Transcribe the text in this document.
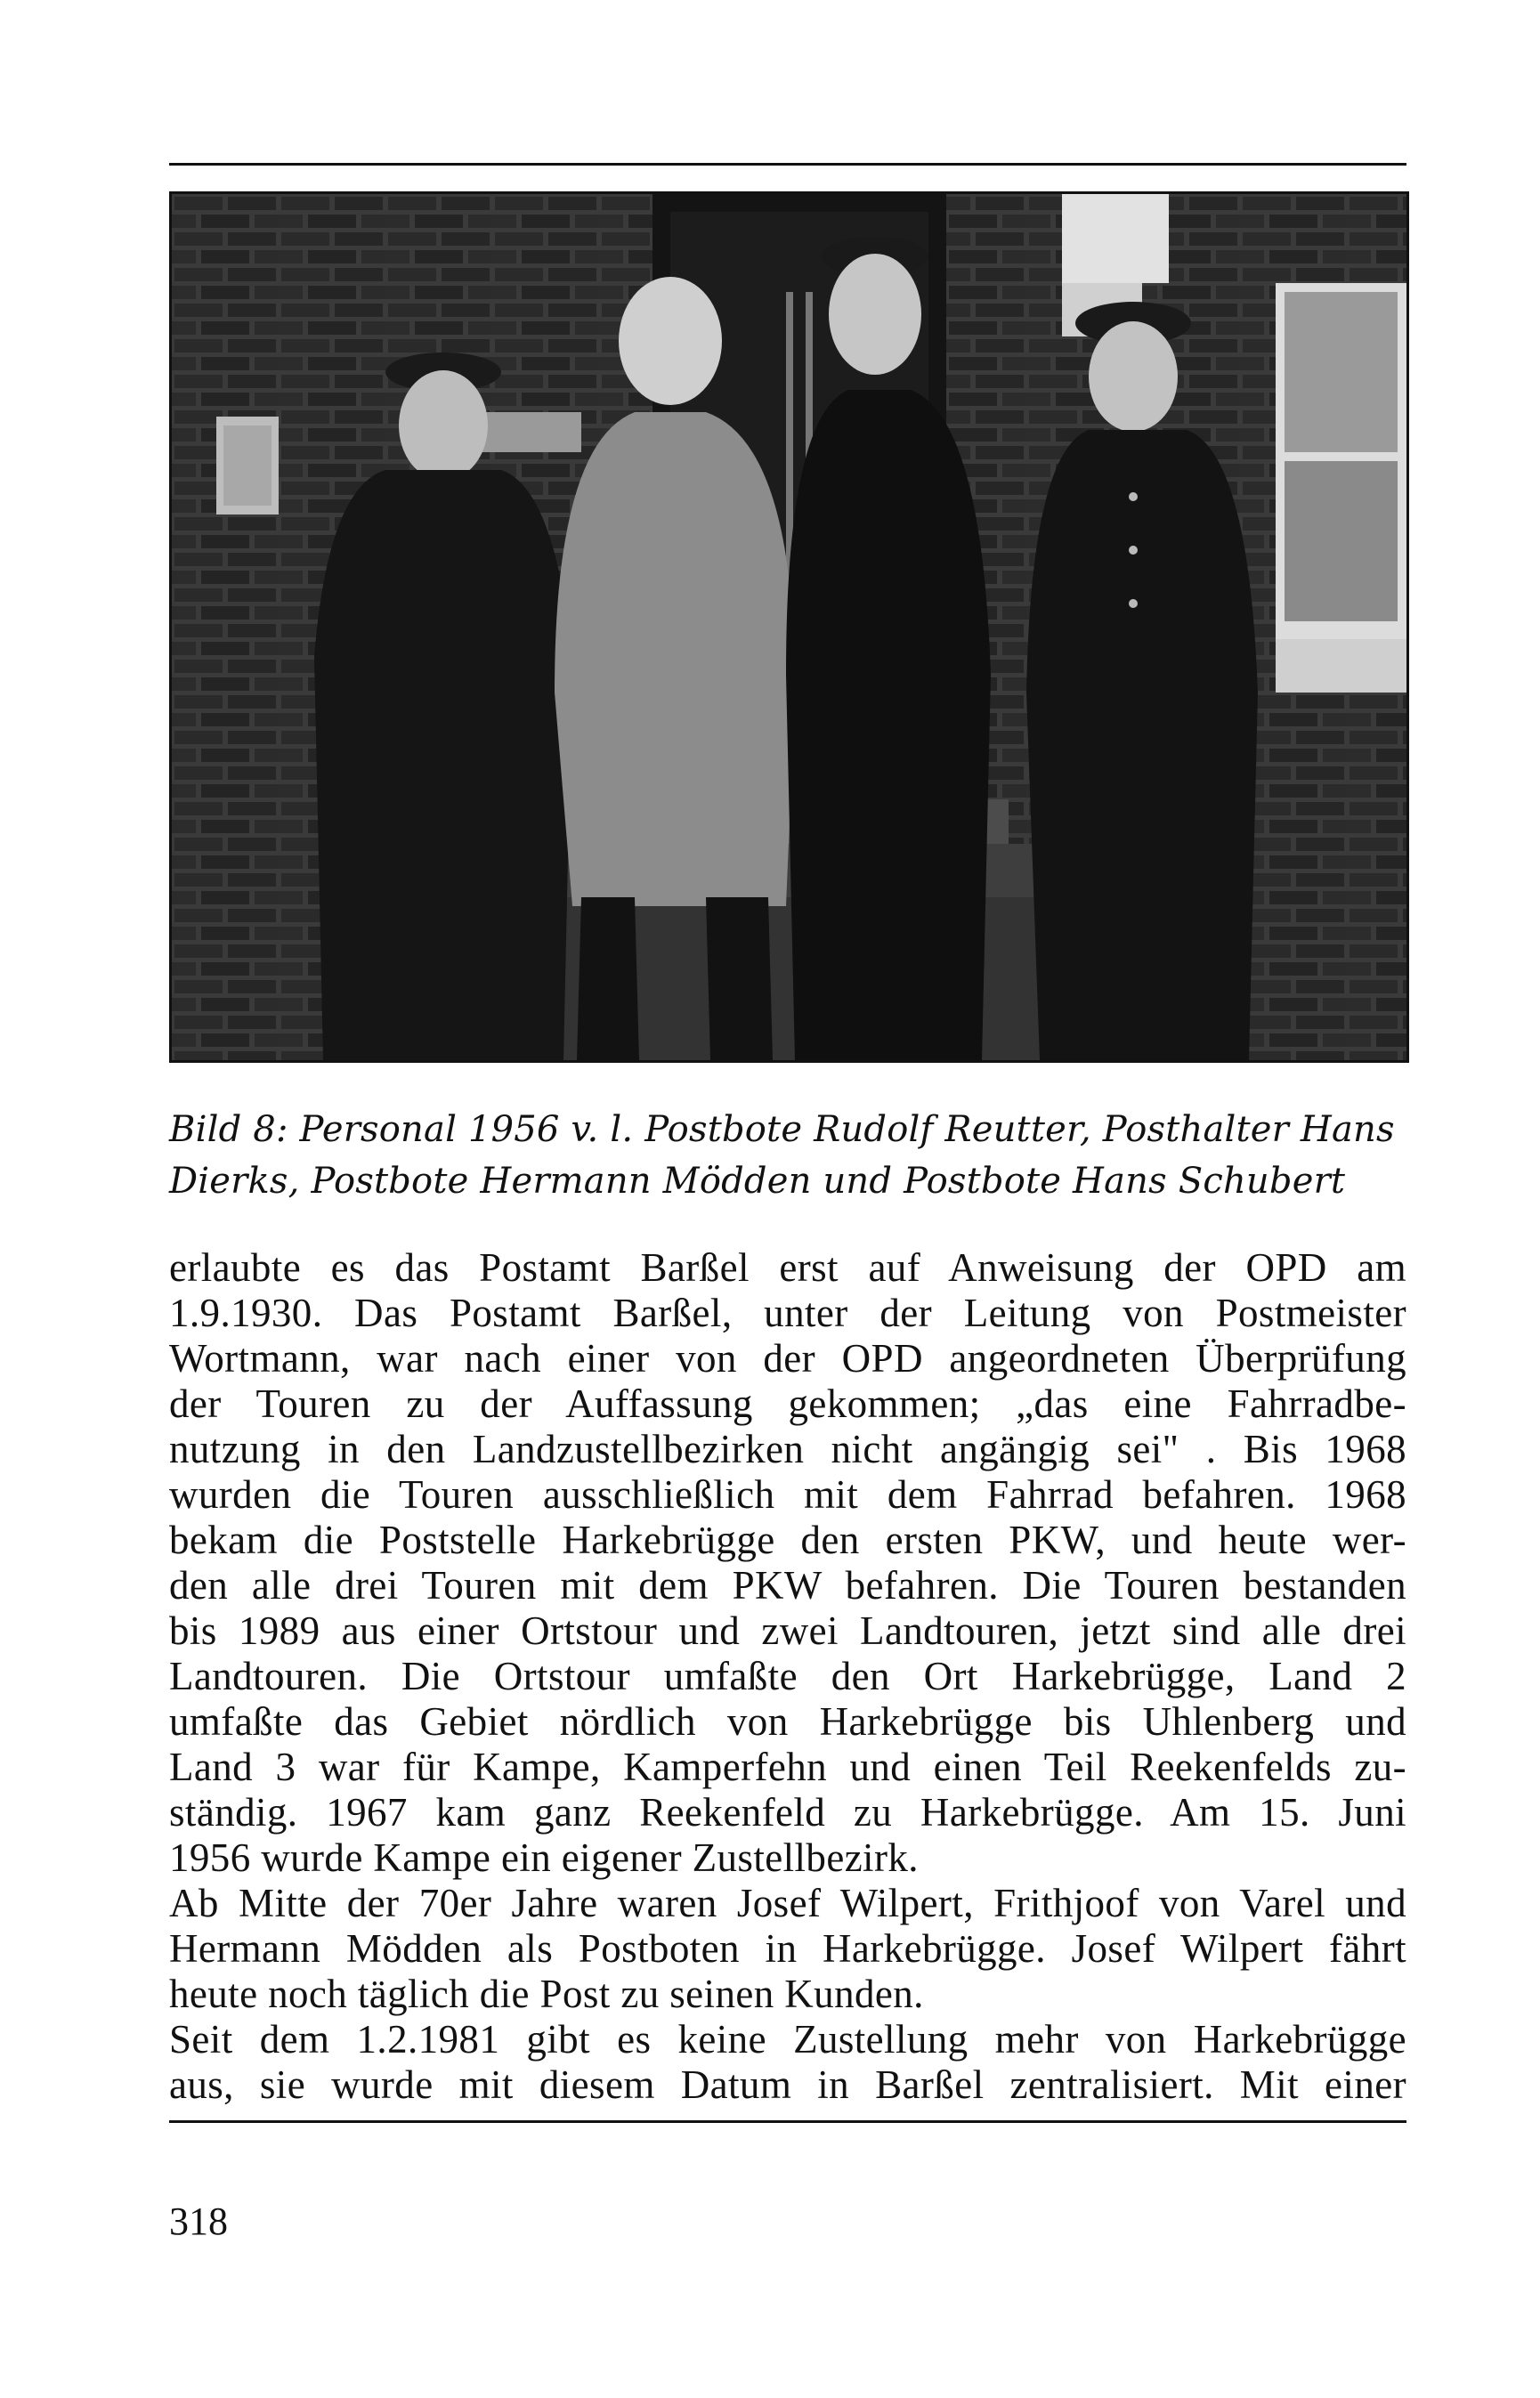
Bild 8: Personal 1956 v. l. Postbote Rudolf Reutter, Posthalter Hans
Dierks, Postbote Hermann Mödden und Postbote Hans Schubert
erlaubte es das Postamt Barßel erst auf Anweisung der OPD am
1.9.1930. Das Postamt Barßel, unter der Leitung von Postmeister
Wortmann, war nach einer von der OPD angeordneten Überprüfung
der Touren zu der Auffassung gekommen; „das eine Fahrradbe-
nutzung in den Landzustellbezirken nicht angängig sei" . Bis 1968
wurden die Touren ausschließlich mit dem Fahrrad befahren. 1968
bekam die Poststelle Harkebrügge den ersten PKW, und heute wer-
den alle drei Touren mit dem PKW befahren. Die Touren bestanden
bis 1989 aus einer Ortstour und zwei Landtouren, jetzt sind alle drei
Landtouren. Die Ortstour umfaßte den Ort Harkebrügge, Land 2
umfaßte das Gebiet nördlich von Harkebrügge bis Uhlenberg und
Land 3 war für Kampe, Kamperfehn und einen Teil Reekenfelds zu-
ständig. 1967 kam ganz Reekenfeld zu Harkebrügge. Am 15. Juni
1956 wurde Kampe ein eigener Zustellbezirk.
Ab Mitte der 70er Jahre waren Josef Wilpert, Frithjoof von Varel und
Hermann Mödden als Postboten in Harkebrügge. Josef Wilpert fährt
heute noch täglich die Post zu seinen Kunden.
Seit dem 1.2.1981 gibt es keine Zustellung mehr von Harkebrügge
aus, sie wurde mit diesem Datum in Barßel zentralisiert. Mit einer
318
